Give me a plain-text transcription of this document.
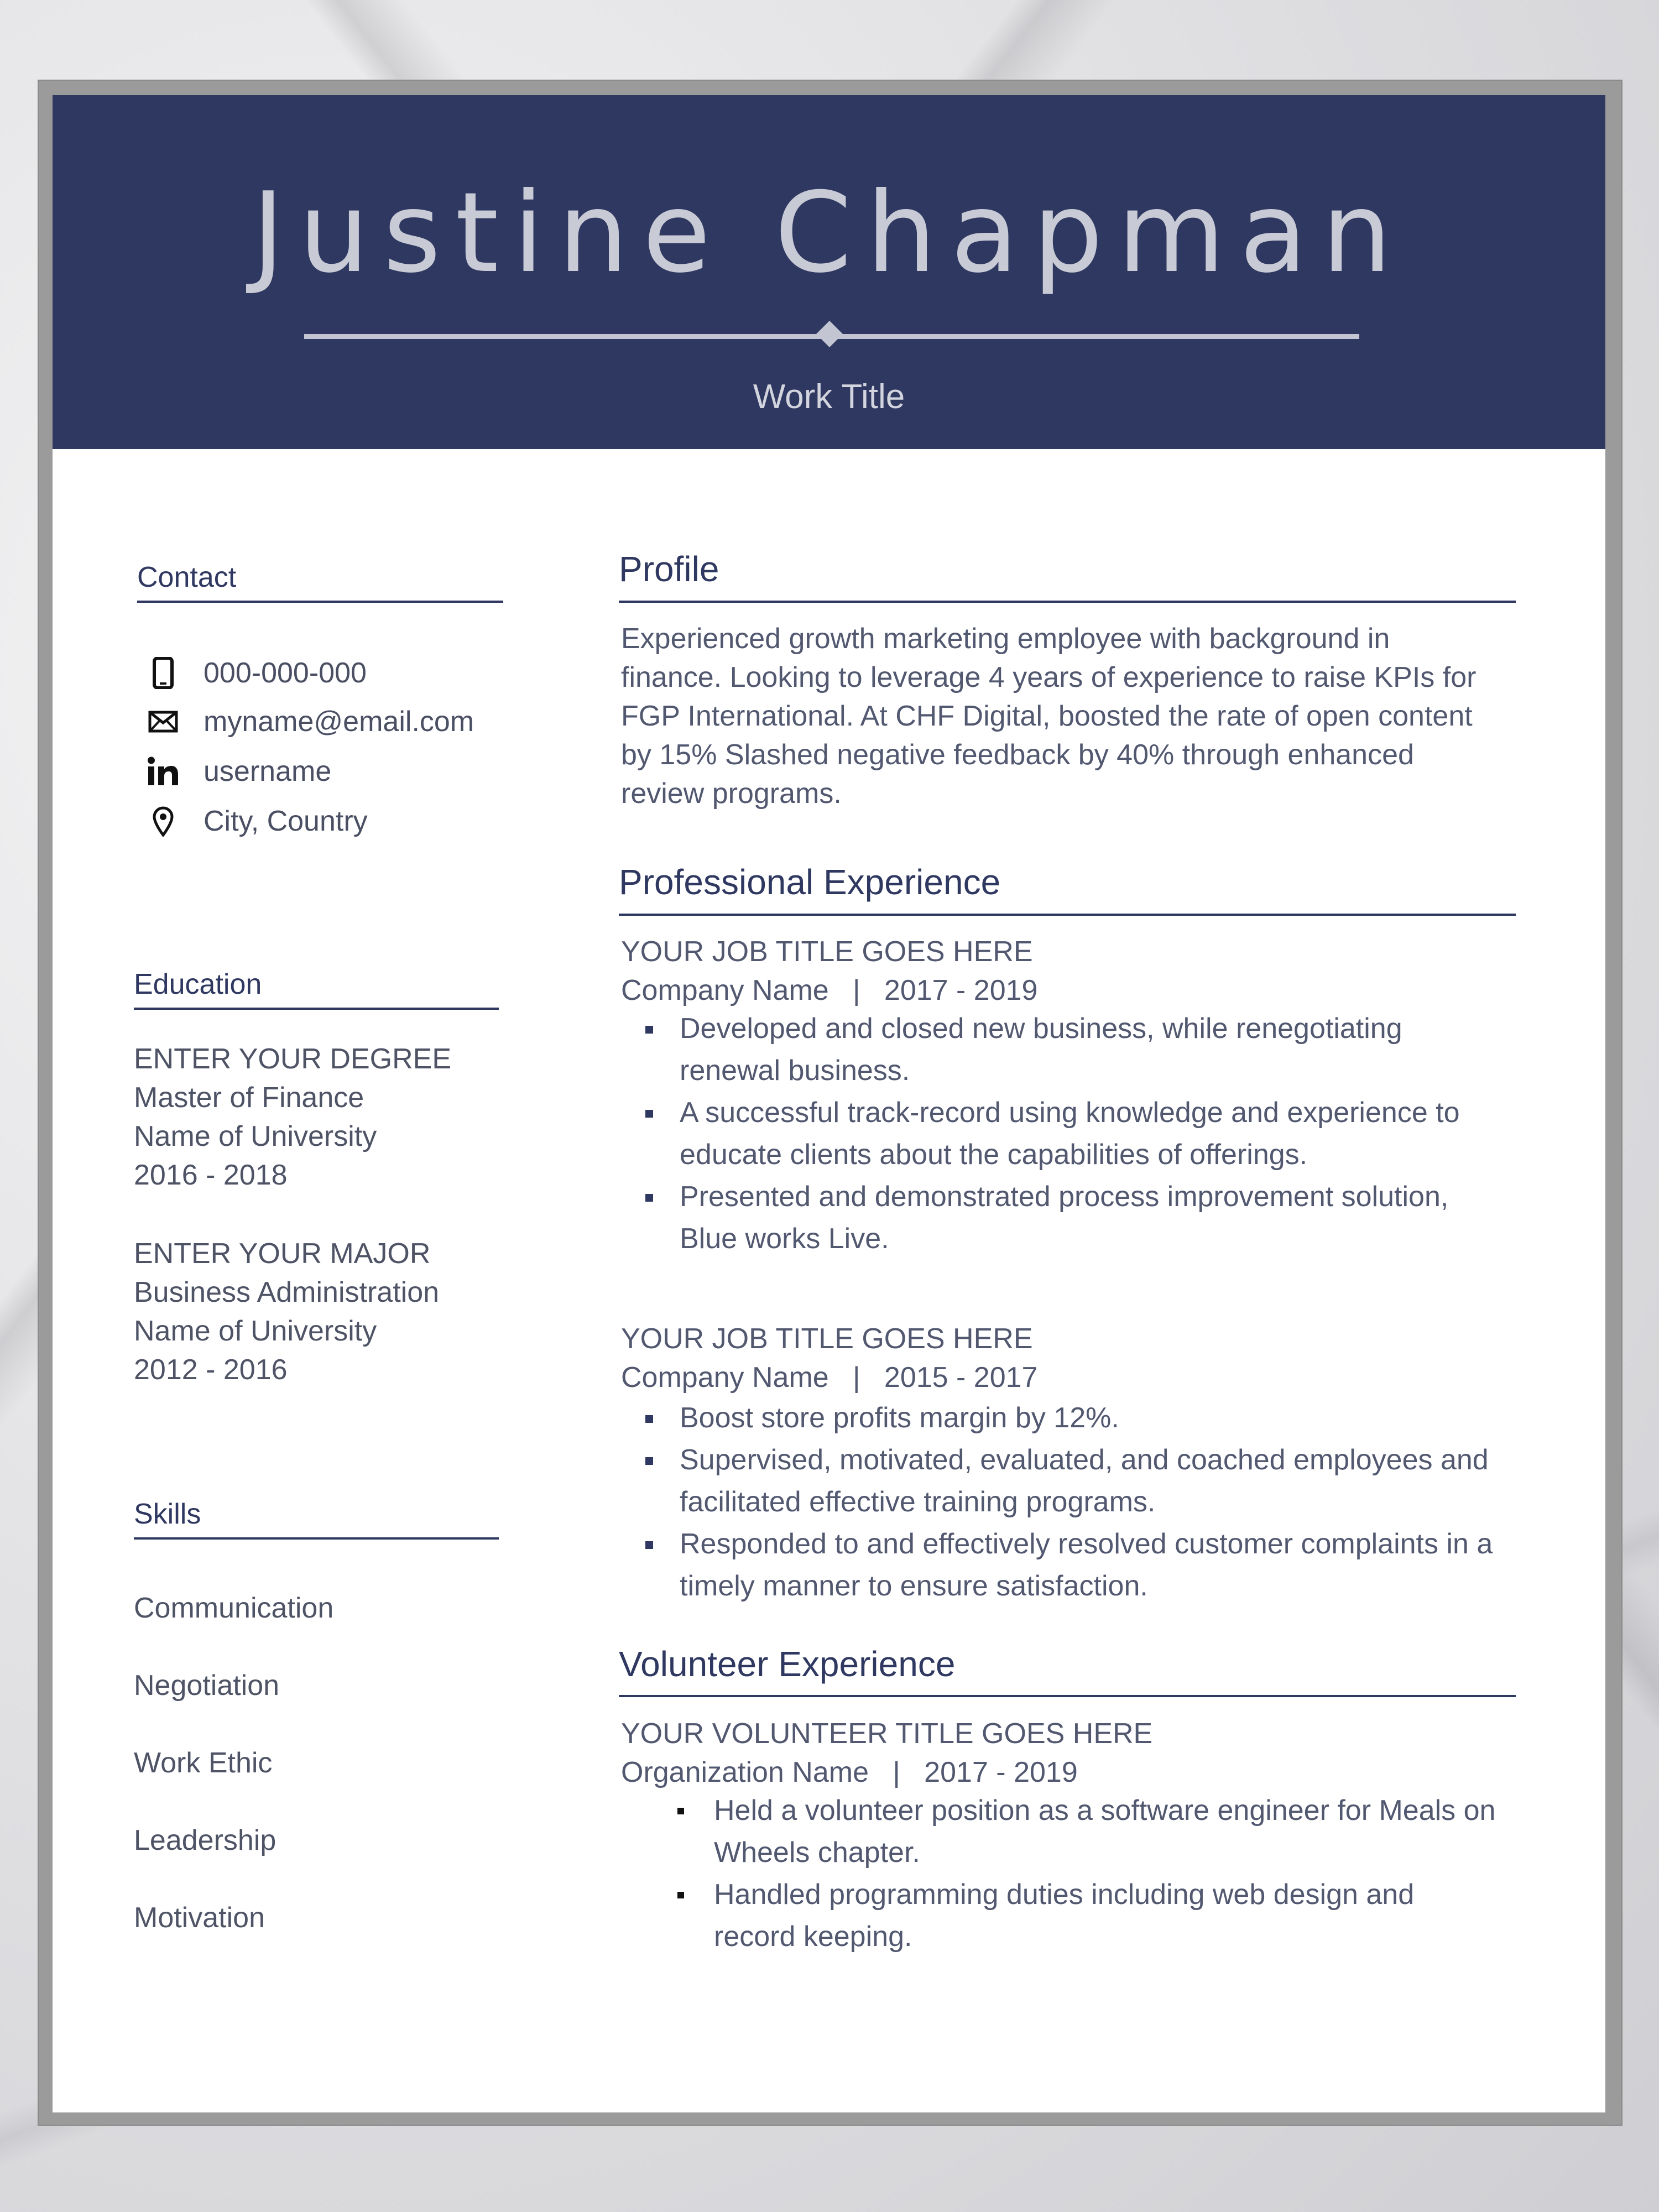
Justine Chapman
Work Title
Contact
000-000-000
myname@email.com
username
City, Country
Education
ENTER YOUR DEGREE
Master of Finance
Name of University
2016 - 2018
ENTER YOUR MAJOR
Business Administration
Name of University
2012 - 2016
Skills
Communication
Negotiation
Work Ethic
Leadership
Motivation
Profile
Experienced growth marketing employee with background in
finance. Looking to leverage 4 years of experience to raise KPIs for
FGP International. At CHF Digital, boosted the rate of open content
by 15% Slashed negative feedback by 40% through enhanced
review programs.
Professional Experience
YOUR JOB TITLE GOES HERE
Company Name   |   2017 - 2019
Developed and closed new business, while renegotiating
renewal business.
A successful track-record using knowledge and experience to
educate clients about the capabilities of offerings.
Presented and demonstrated process improvement solution,
Blue works Live.
YOUR JOB TITLE GOES HERE
Company Name   |   2015 - 2017
Boost store profits margin by 12%.
Supervised, motivated, evaluated, and coached employees and
facilitated effective training programs.
Responded to and effectively resolved customer complaints in a
timely manner to ensure satisfaction.
Volunteer Experience
YOUR VOLUNTEER TITLE GOES HERE
Organization Name   |   2017 - 2019
Held a volunteer position as a software engineer for Meals on
Wheels chapter.
Handled programming duties including web design and
record keeping.
